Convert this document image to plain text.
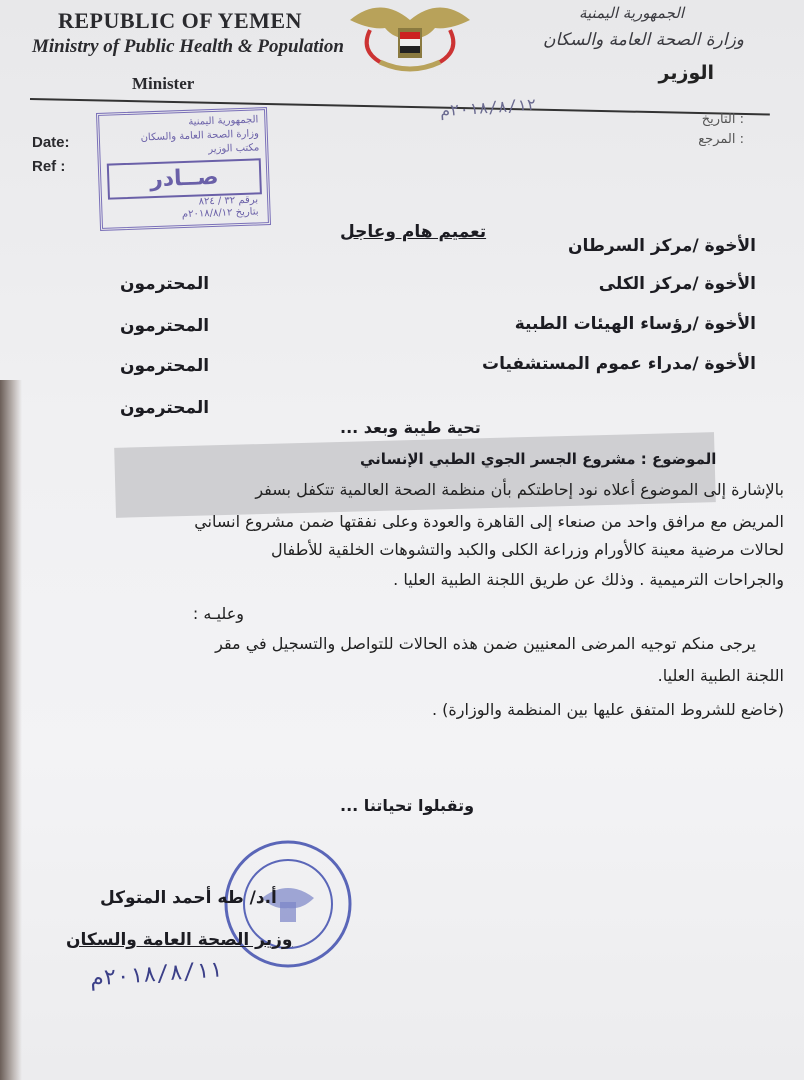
REPUBLIC OF YEMEN
Ministry of Public Health & Population
Minister
الجمهورية اليمنية
وزارة الصحة العامة والسكان
الوزير
Date:
Ref :
: التاريخ
: المرجع
٢٠١٨/٨/١٢م
الجمهورية اليمنية
وزارة الصحة العامة والسكان
مكتب الوزير
صــادر
برقم ٣٢ / ٨٢٤
بتاريخ ٢٠١٨/٨/١٢م
تعميم هام وعاجل
الأخوة /مركز السرطان
الأخوة /مركز الكلى
الأخوة /رؤساء الهيئات الطبية
الأخوة /مدراء عموم المستشفيات
المحترمون
المحترمون
المحترمون
المحترمون
تحية طيبة وبعد ...
الموضوع : مشروع الجسر الجوي الطبي الإنساني
بالإشارة إلى الموضوع أعلاه نود إحاطتكم بأن منظمة الصحة العالمية تتكفل بسفر
المريض مع مرافق واحد من صنعاء إلى القاهرة والعودة وعلى نفقتها ضمن مشروع انساني
لحالات مرضية معينة كالأورام وزراعة الكلى والكبد والتشوهات الخلقية للأطفال
والجراحات الترميمية . وذلك عن طريق اللجنة الطبية العليا .
وعليـه :
يرجى منكم توجيه المرضى المعنيين ضمن هذه الحالات للتواصل والتسجيل في مقر
اللجنة الطبية العليا.
(خاضع للشروط المتفق عليها بين المنظمة والوزارة) .
وتقبلوا تحياتنا ...
أ.د/ طه أحمد المتوكل
وزير الصحة العامة والسكان
٢٠١٨/٨/١١م
